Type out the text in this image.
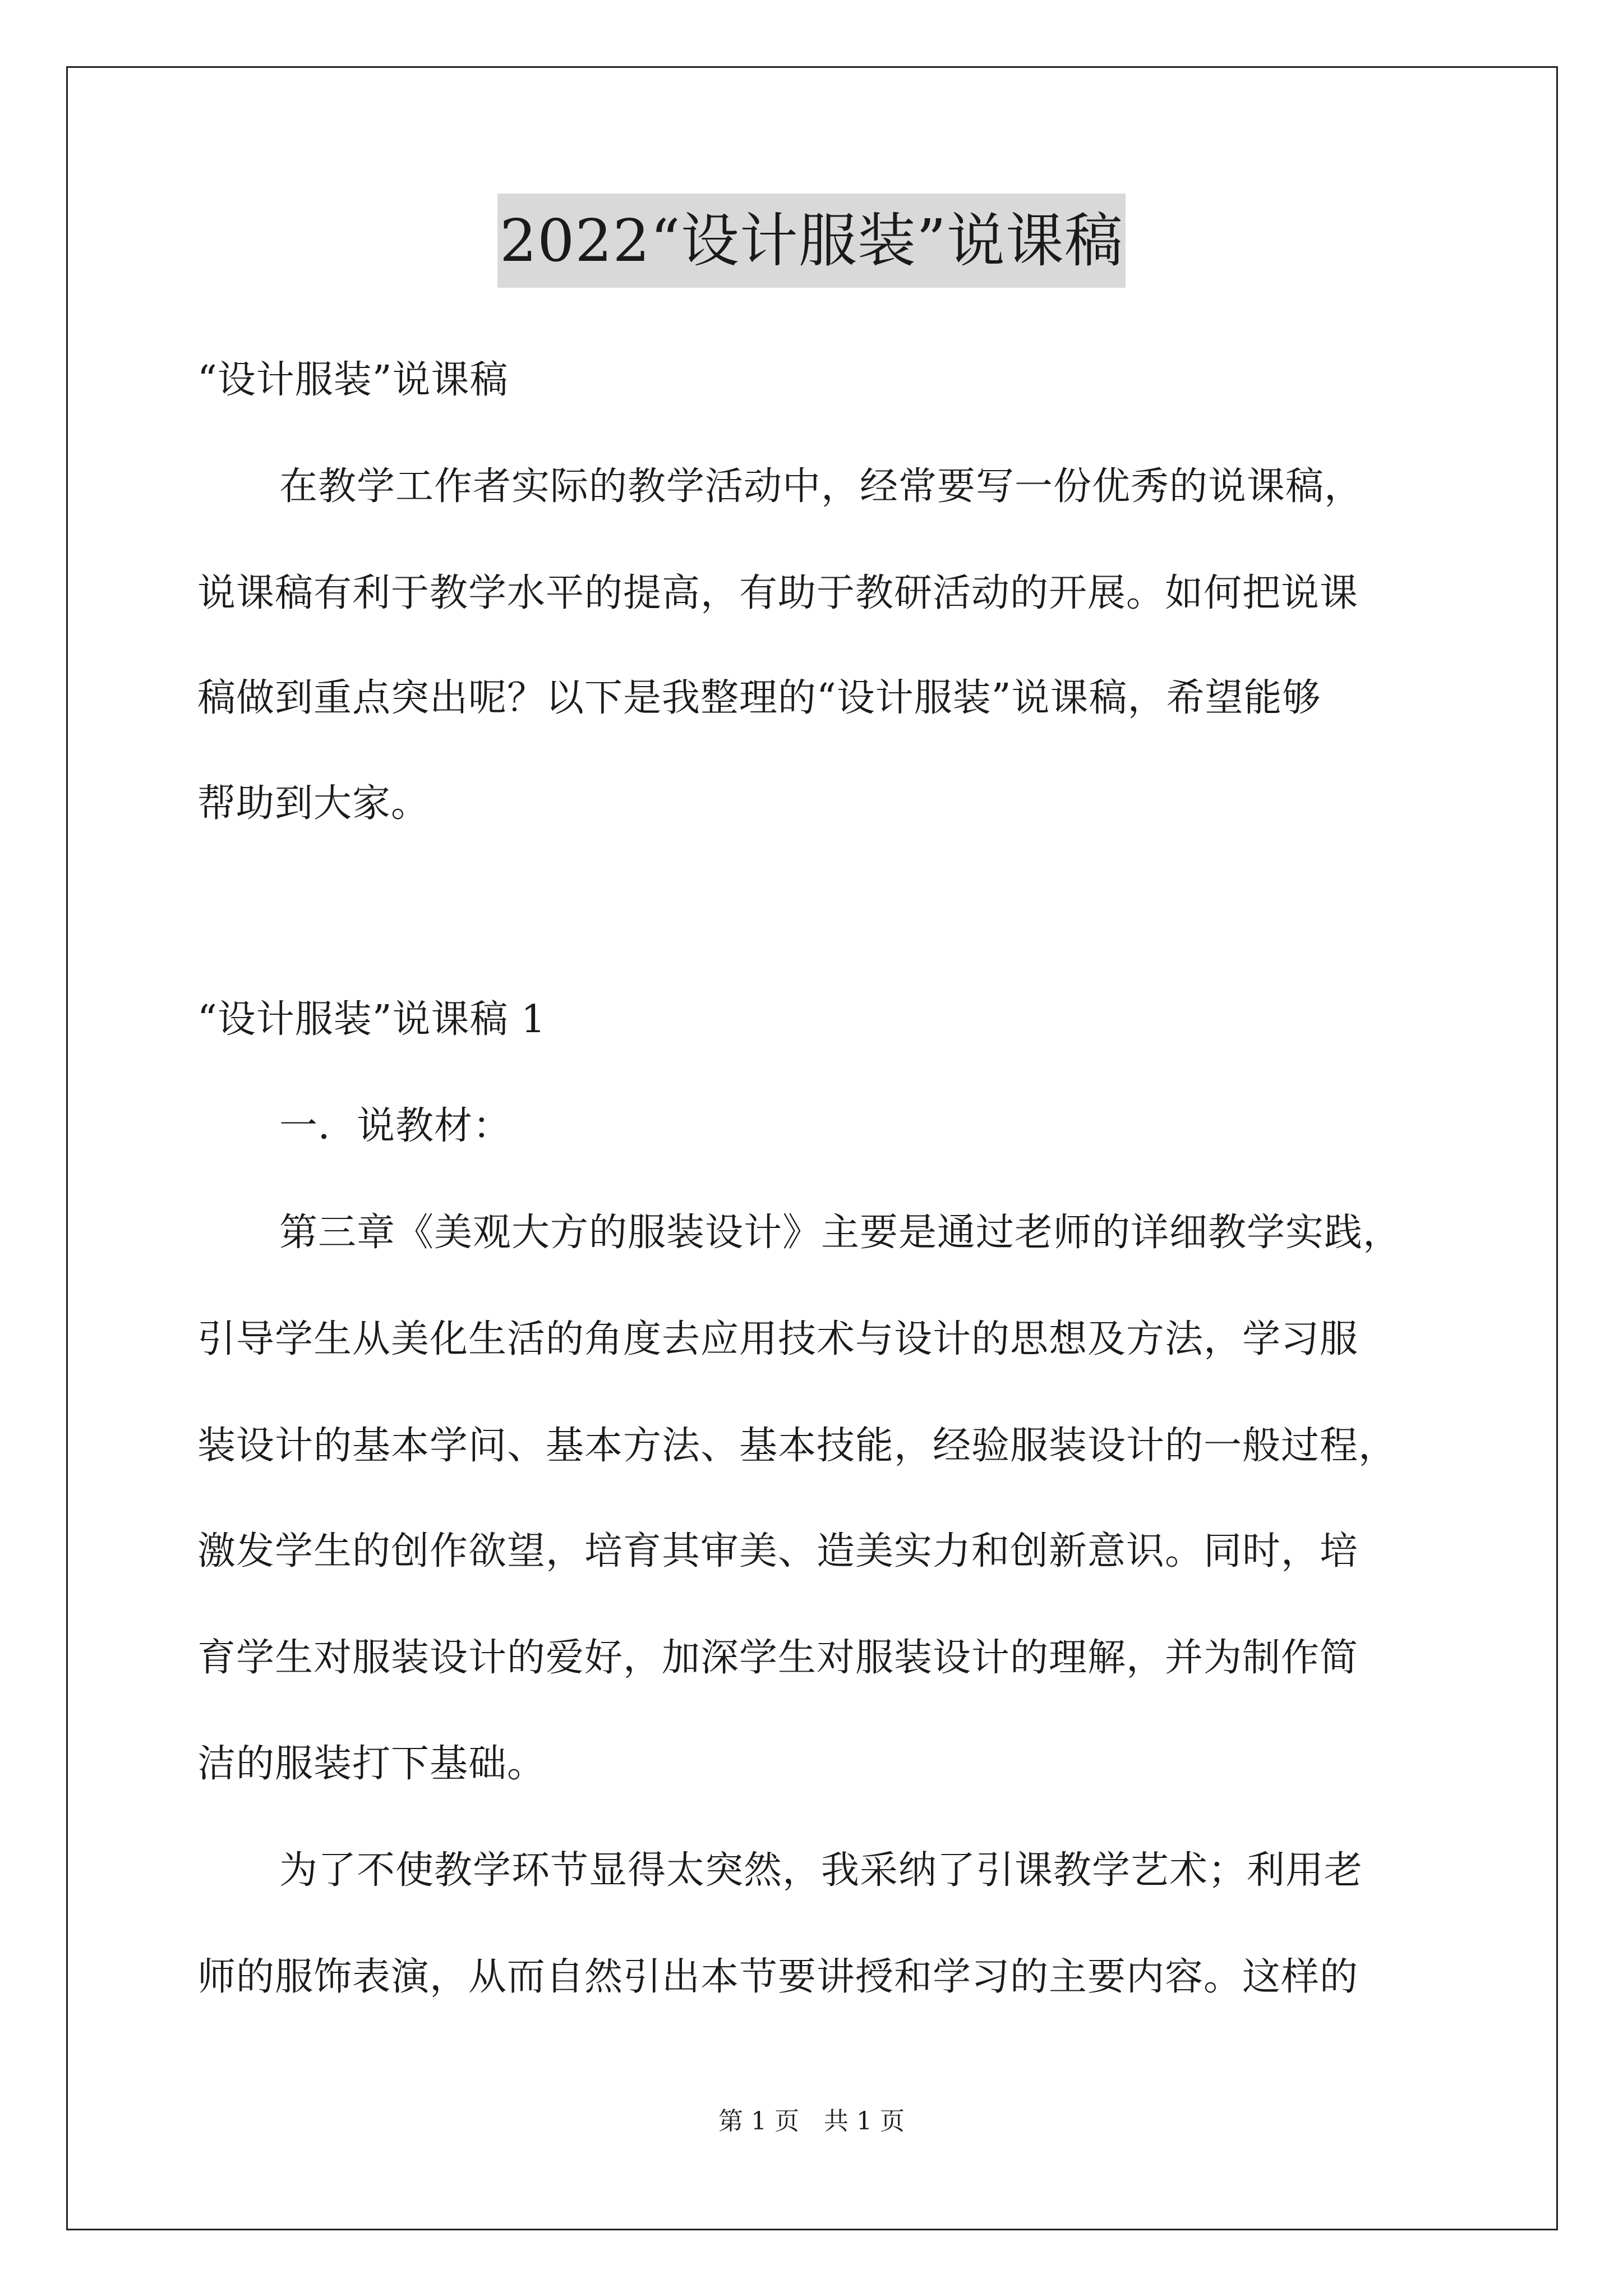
2022“设计服装”说课稿
“设计服装”说课稿
在教学工作者实际的教学活动中，经常要写一份优秀的说课稿，
说课稿有利于教学水平的提高，有助于教研活动的开展。如何把说课
稿做到重点突出呢？以下是我整理的“设计服装”说课稿，希望能够
帮助到大家。
“设计服装”说课稿 1
一．说教材：
第三章《美观大方的服装设计》主要是通过老师的详细教学实践，
引导学生从美化生活的角度去应用技术与设计的思想及方法，学习服
装设计的基本学问、基本方法、基本技能，经验服装设计的一般过程，
激发学生的创作欲望，培育其审美、造美实力和创新意识。同时，培
育学生对服装设计的爱好，加深学生对服装设计的理解，并为制作简
洁的服装打下基础。
为了不使教学环节显得太突然，我采纳了引课教学艺术；利用老
师的服饰表演，从而自然引出本节要讲授和学习的主要内容。这样的
第 1 页　共 1 页
